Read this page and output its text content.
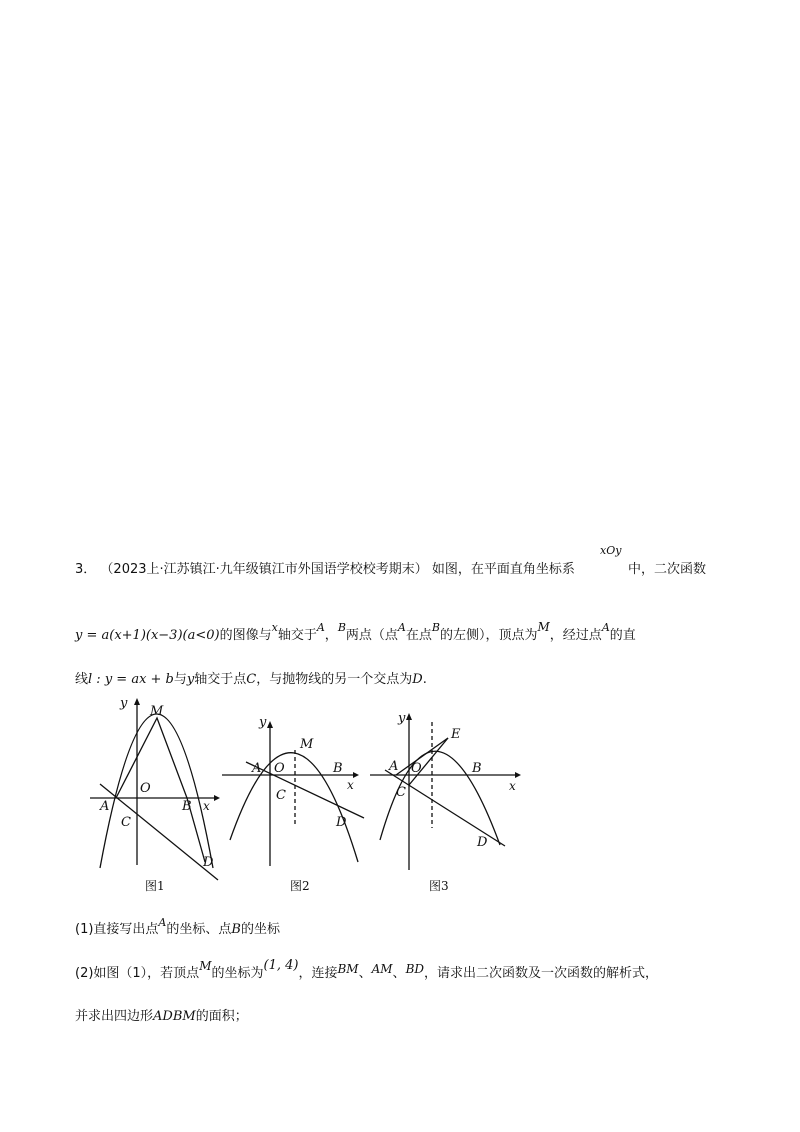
3． （2023上·江苏镇江·九年级镇江市外国语学校校考期末） 如图，在平面直角坐标系
xOy
中，二次函数
y = a(x+1)(x−3)(a<0)的图像与$^x$轴交于$^A$，$^B$两点（点$^A$在点$^B$的左侧），顶点为M，经过点$^A$的直
线l : y = ax + b与y轴交于点C，与抛物线的另一个交点为D.
y
M
O
A	B x
C
D
图1
y
M
A O	B
x
C
D
图2
y
E
A O	B
x
C
D
图3
(1)直接写出点$^A$的坐标、点B的坐标
(2)如图（1），若顶点M的坐标为(1, 4)，连接BM、AM、BD，请求出二次函数及一次函数的解析式，
并求出四边形ADBM的面积；
